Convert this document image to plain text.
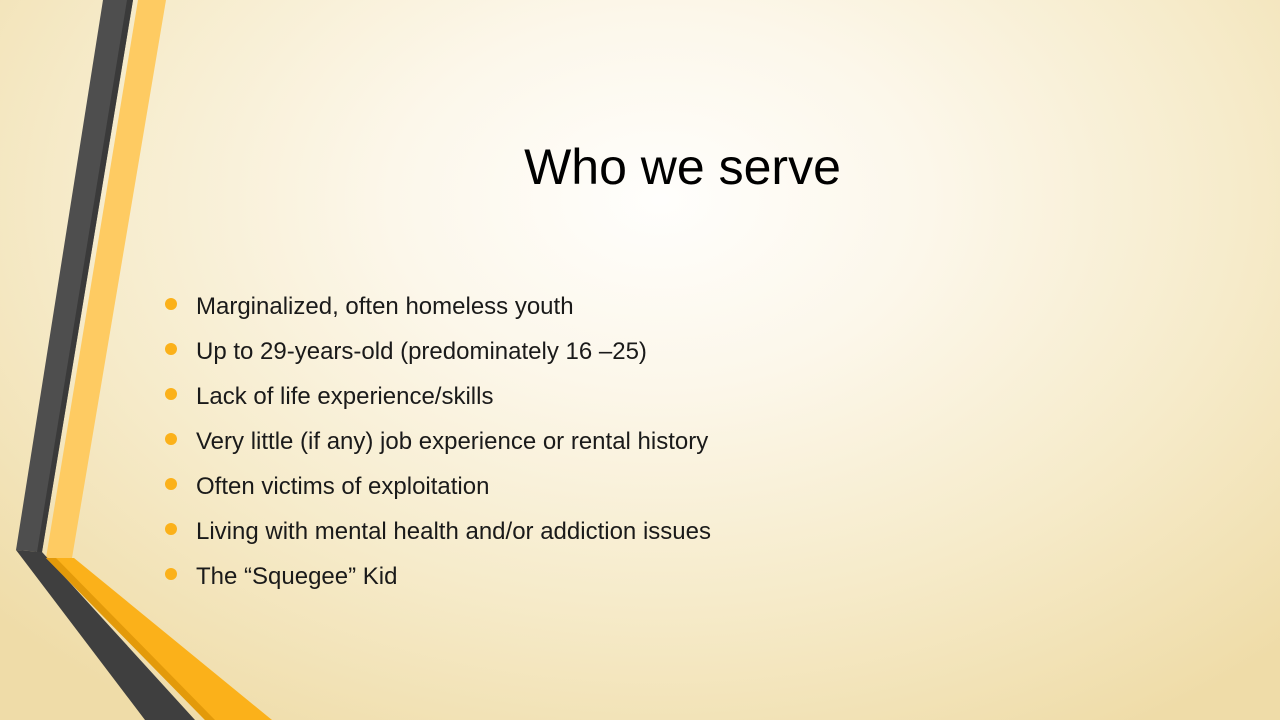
Who we serve
Marginalized, often homeless youth
Up to 29-years-old (predominately 16 –25)
Lack of life experience/skills
Very little (if any) job experience or rental history
Often victims of exploitation
Living with mental health and/or addiction issues
The “Squegee” Kid
